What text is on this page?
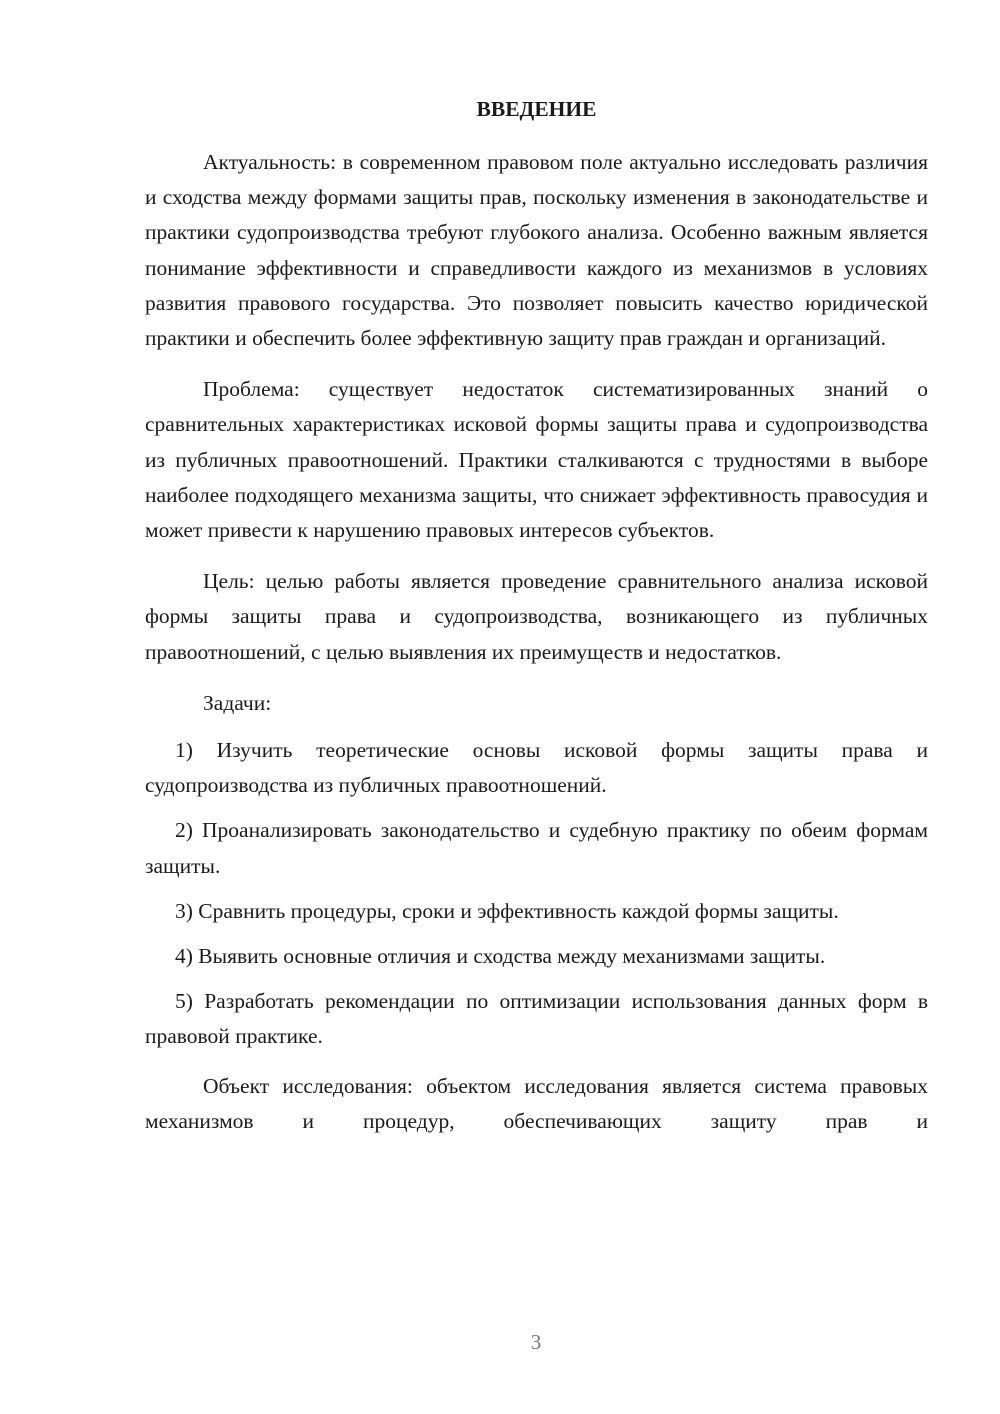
ВВЕДЕНИЕ

Актуальность: в современном правовом поле актуально исследовать различия и сходства между формами защиты прав, поскольку изменения в законодательстве и практики судопроизводства требуют глубокого анализа. Особенно важным является понимание эффективности и справедливости каждого из механизмов в условиях развития правового государства. Это позволяет повысить качество юридической практики и обеспечить более эффективную защиту прав граждан и организаций.

Проблема: существует недостаток систематизированных знаний о сравнительных характеристиках исковой формы защиты права и судопроизводства из публичных правоотношений. Практики сталкиваются с трудностями в выборе наиболее подходящего механизма защиты, что снижает эффективность правосудия и может привести к нарушению правовых интересов субъектов.

Цель: целью работы является проведение сравнительного анализа исковой формы защиты права и судопроизводства, возникающего из публичных правоотношений, с целью выявления их преимуществ и недостатков.

Задачи:

1) Изучить теоретические основы исковой формы защиты права и судопроизводства из публичных правоотношений.

2) Проанализировать законодательство и судебную практику по обеим формам защиты.

3) Сравнить процедуры, сроки и эффективность каждой формы защиты.

4) Выявить основные отличия и сходства между механизмами защиты.

5) Разработать рекомендации по оптимизации использования данных форм в правовой практике.

Объект исследования: объектом исследования является система правовых механизмов и процедур, обеспечивающих защиту прав и

3
